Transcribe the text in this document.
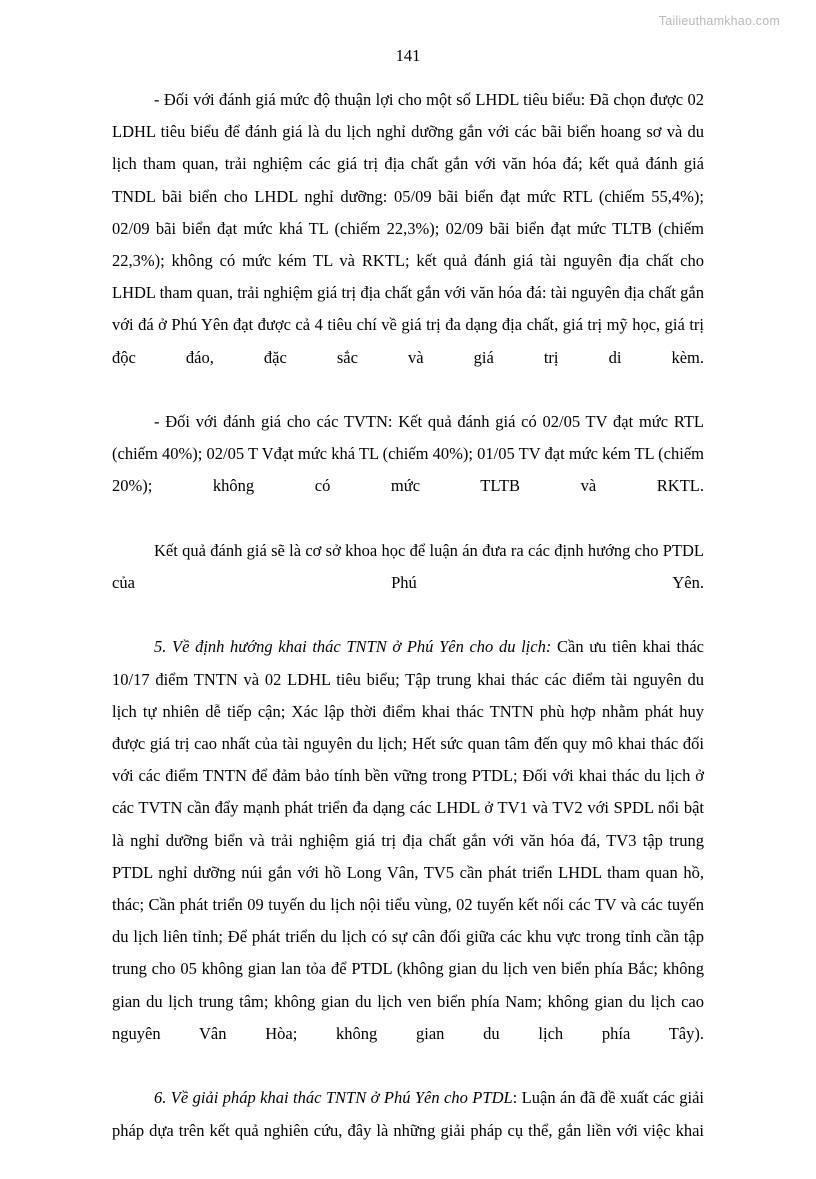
Tailieuthamkhao.com
141

- Đối với đánh giá mức độ thuận lợi cho một số LHDL tiêu biểu: Đã chọn được 02 LDHL tiêu biểu để đánh giá là du lịch nghỉ dưỡng gắn với các bãi biển hoang sơ và du lịch tham quan, trải nghiệm các giá trị địa chất gắn với văn hóa đá; kết quả đánh giá TNDL bãi biển cho LHDL nghỉ dưỡng: 05/09 bãi biển đạt mức RTL (chiếm 55,4%); 02/09 bãi biển đạt mức khá TL (chiếm 22,3%); 02/09 bãi biển đạt mức TLTB (chiếm 22,3%); không có mức kém TL và RKTL; kết quả đánh giá tài nguyên địa chất cho LHDL tham quan, trải nghiệm giá trị địa chất gắn với văn hóa đá: tài nguyên địa chất gắn với đá ở Phú Yên đạt được cả 4 tiêu chí về giá trị đa dạng địa chất, giá trị mỹ học, giá trị độc đáo, đặc sắc và giá trị di kèm.

- Đối với đánh giá cho các TVTN: Kết quả đánh giá có 02/05 TV đạt mức RTL (chiếm 40%); 02/05 T Vđạt mức khá TL (chiếm 40%); 01/05 TV đạt mức kém TL (chiếm 20%); không có mức TLTB và RKTL.

Kết quả đánh giá sẽ là cơ sở khoa học để luận án đưa ra các định hướng cho PTDL của Phú Yên.

5. Về định hướng khai thác TNTN ở Phú Yên cho du lịch: Cần ưu tiên khai thác 10/17 điểm TNTN và 02 LDHL tiêu biểu; Tập trung khai thác các điểm tài nguyên du lịch tự nhiên dễ tiếp cận; Xác lập thời điểm khai thác TNTN phù hợp nhằm phát huy được giá trị cao nhất của tài nguyên du lịch; Hết sức quan tâm đến quy mô khai thác đối với các điểm TNTN để đảm bảo tính bền vững trong PTDL; Đối với khai thác du lịch ở các TVTN cần đẩy mạnh phát triển đa dạng các LHDL ở TV1 và TV2 với SPDL nổi bật là nghỉ dưỡng biển và trải nghiệm giá trị địa chất gắn với văn hóa đá, TV3 tập trung PTDL nghỉ dưỡng núi gắn với hồ Long Vân, TV5 cần phát triển LHDL tham quan hồ, thác; Cần phát triển 09 tuyến du lịch nội tiểu vùng, 02 tuyến kết nối các TV và các tuyến du lịch liên tỉnh; Để phát triển du lịch có sự cân đối giữa các khu vực trong tỉnh cần tập trung cho 05 không gian lan tỏa để PTDL (không gian du lịch ven biển phía Bắc; không gian du lịch trung tâm; không gian du lịch ven biển phía Nam; không gian du lịch cao nguyên Vân Hòa; không gian du lịch phía Tây).

6. Về giải pháp khai thác TNTN ở Phú Yên cho PTDL: Luận án đã đề xuất các giải pháp dựa trên kết quả nghiên cứu, đây là những giải pháp cụ thể, gắn liền với việc khai
